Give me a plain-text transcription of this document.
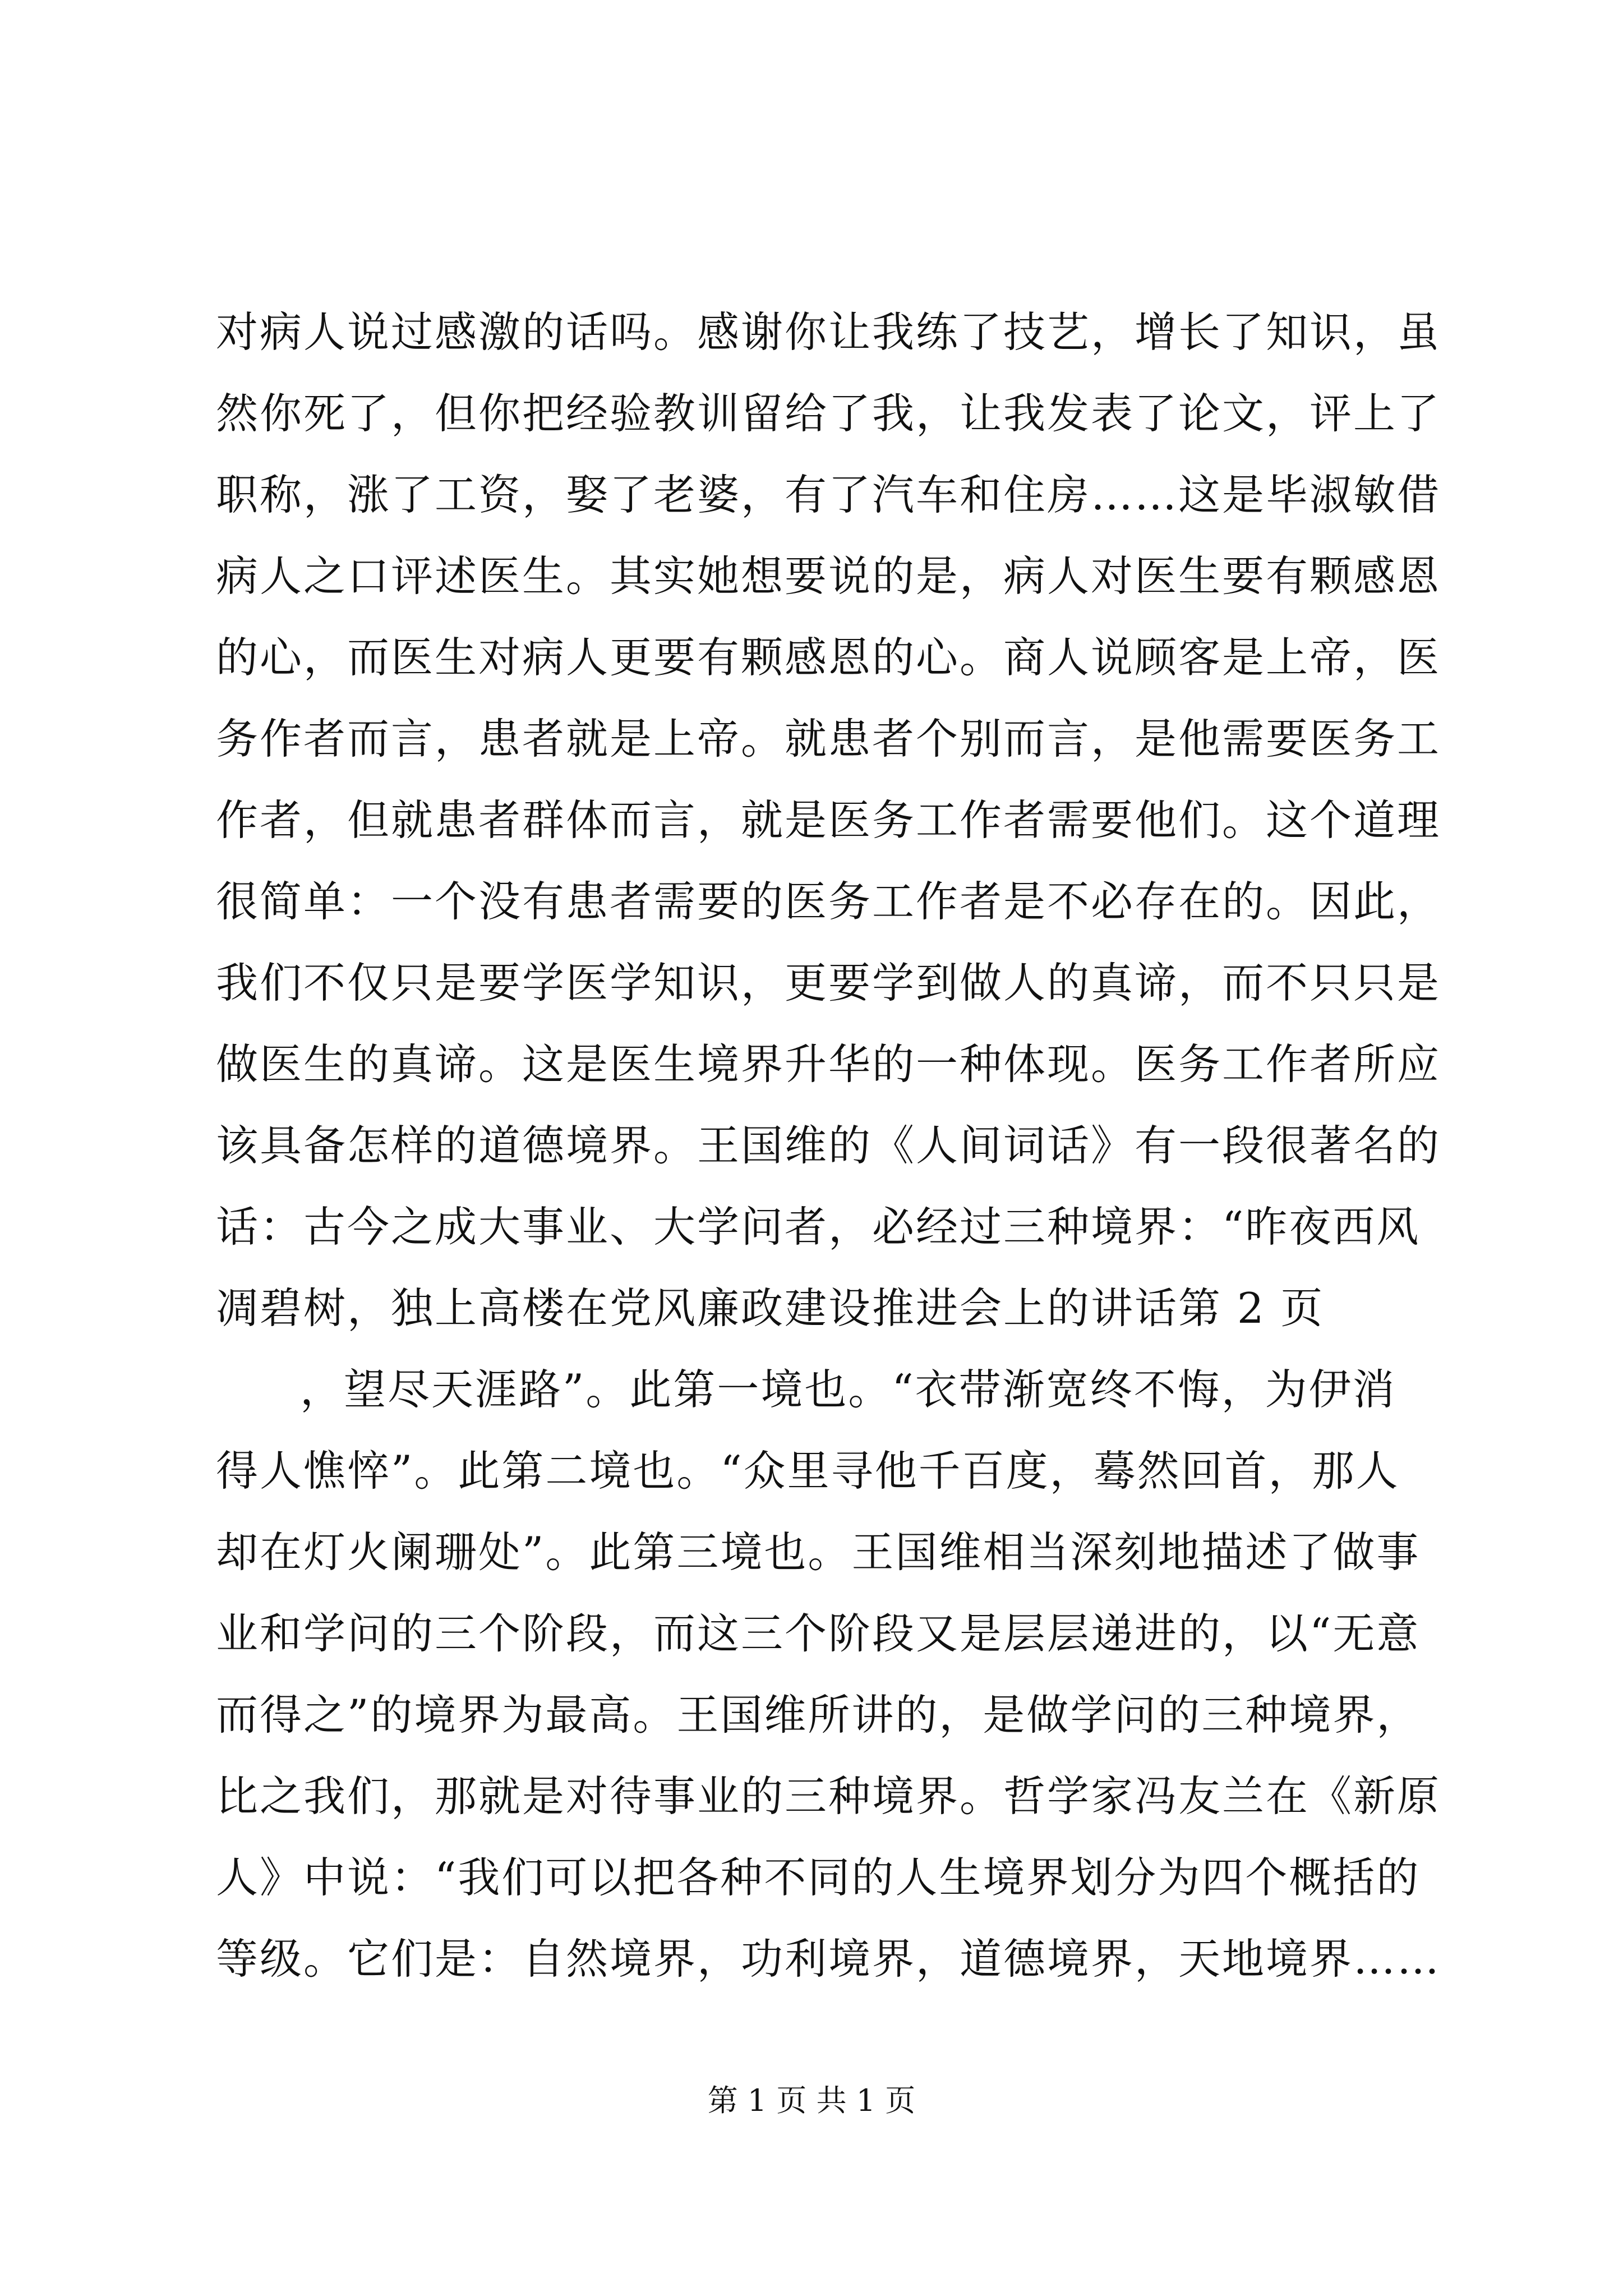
对病人说过感激的话吗。感谢你让我练了技艺，增长了知识，虽
然你死了，但你把经验教训留给了我，让我发表了论文，评上了
职称，涨了工资，娶了老婆，有了汽车和住房……这是毕淑敏借
病人之口评述医生。其实她想要说的是，病人对医生要有颗感恩
的心，而医生对病人更要有颗感恩的心。商人说顾客是上帝，医
务作者而言，患者就是上帝。就患者个别而言，是他需要医务工
作者，但就患者群体而言，就是医务工作者需要他们。这个道理
很简单：一个没有患者需要的医务工作者是不必存在的。因此，
我们不仅只是要学医学知识，更要学到做人的真谛，而不只只是
做医生的真谛。这是医生境界升华的一种体现。医务工作者所应
该具备怎样的道德境界。王国维的《人间词话》有一段很著名的
话：古今之成大事业、大学问者，必经过三种境界：“昨夜西风
凋碧树，独上高楼在党风廉政建设推进会上的讲话第 2 页
，望尽天涯路”。此第一境也。“衣带渐宽终不悔，为伊消
得人憔悴”。此第二境也。“众里寻他千百度，蓦然回首，那人
却在灯火阑珊处”。此第三境也。王国维相当深刻地描述了做事
业和学问的三个阶段，而这三个阶段又是层层递进的，以“无意
而得之”的境界为最高。王国维所讲的，是做学问的三种境界，
比之我们，那就是对待事业的三种境界。哲学家冯友兰在《新原
人》中说：“我们可以把各种不同的人生境界划分为四个概括的
等级。它们是：自然境界，功利境界，道德境界，天地境界……
第 1 页 共 1 页
